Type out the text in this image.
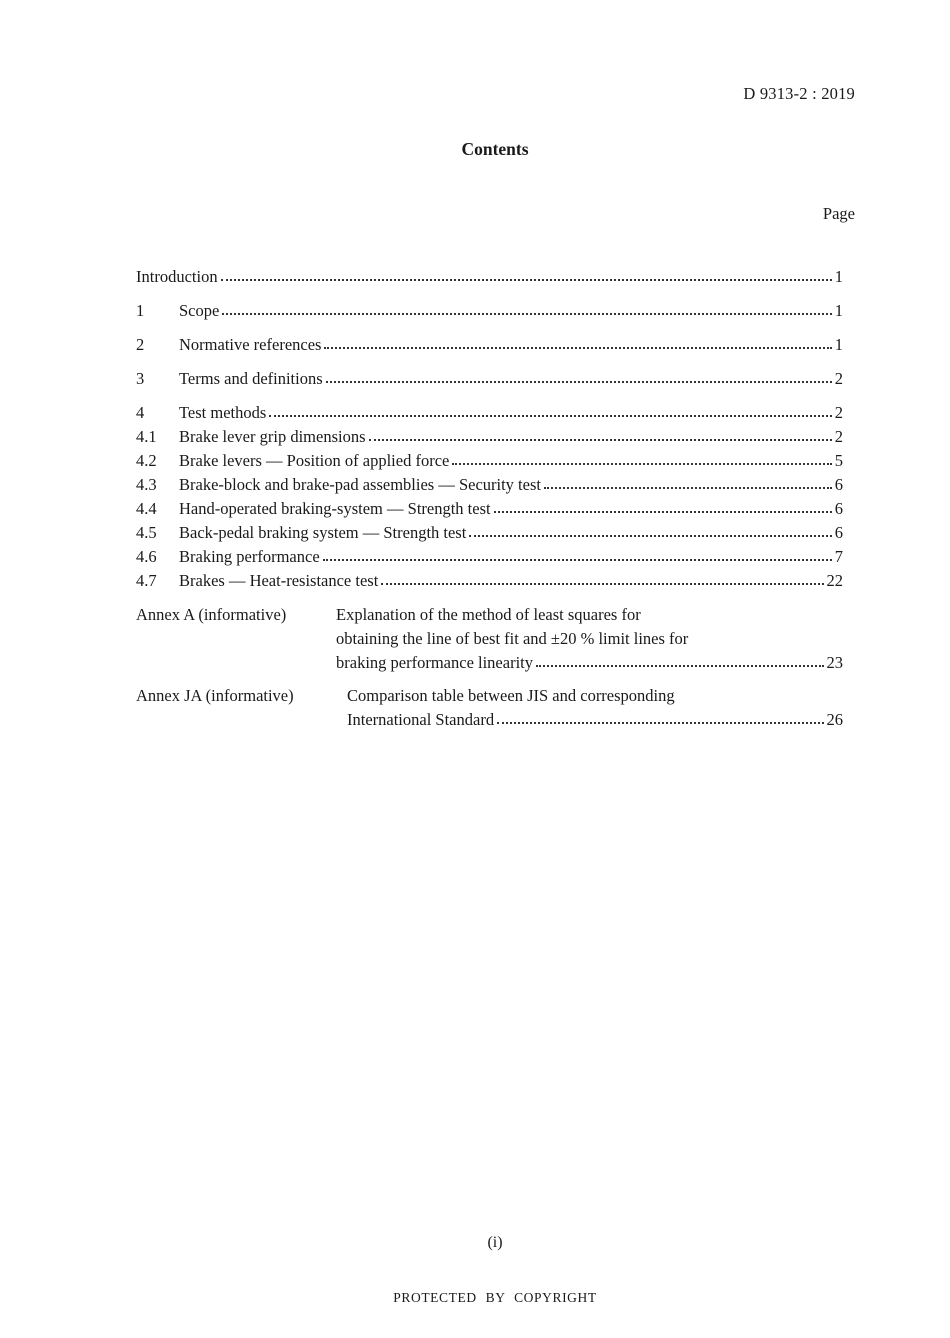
D 9313-2 : 2019
Contents
Page
Introduction	1
1	Scope	1
2	Normative references	1
3	Terms and definitions	2
4	Test methods	2
4.1	Brake lever grip dimensions	2
4.2	Brake levers — Position of applied force	5
4.3	Brake-block and brake-pad assemblies — Security test	6
4.4	Hand-operated braking-system — Strength test	6
4.5	Back-pedal braking system — Strength test	6
4.6	Braking performance	7
4.7	Brakes — Heat-resistance test	22
Annex A (informative)	Explanation of the method of least squares for
obtaining the line of best fit and ±20 % limit lines for
braking performance linearity	23
Annex JA (informative)	Comparison table between JIS and corresponding
International Standard	26
(i)
PROTECTED BY COPYRIGHT
